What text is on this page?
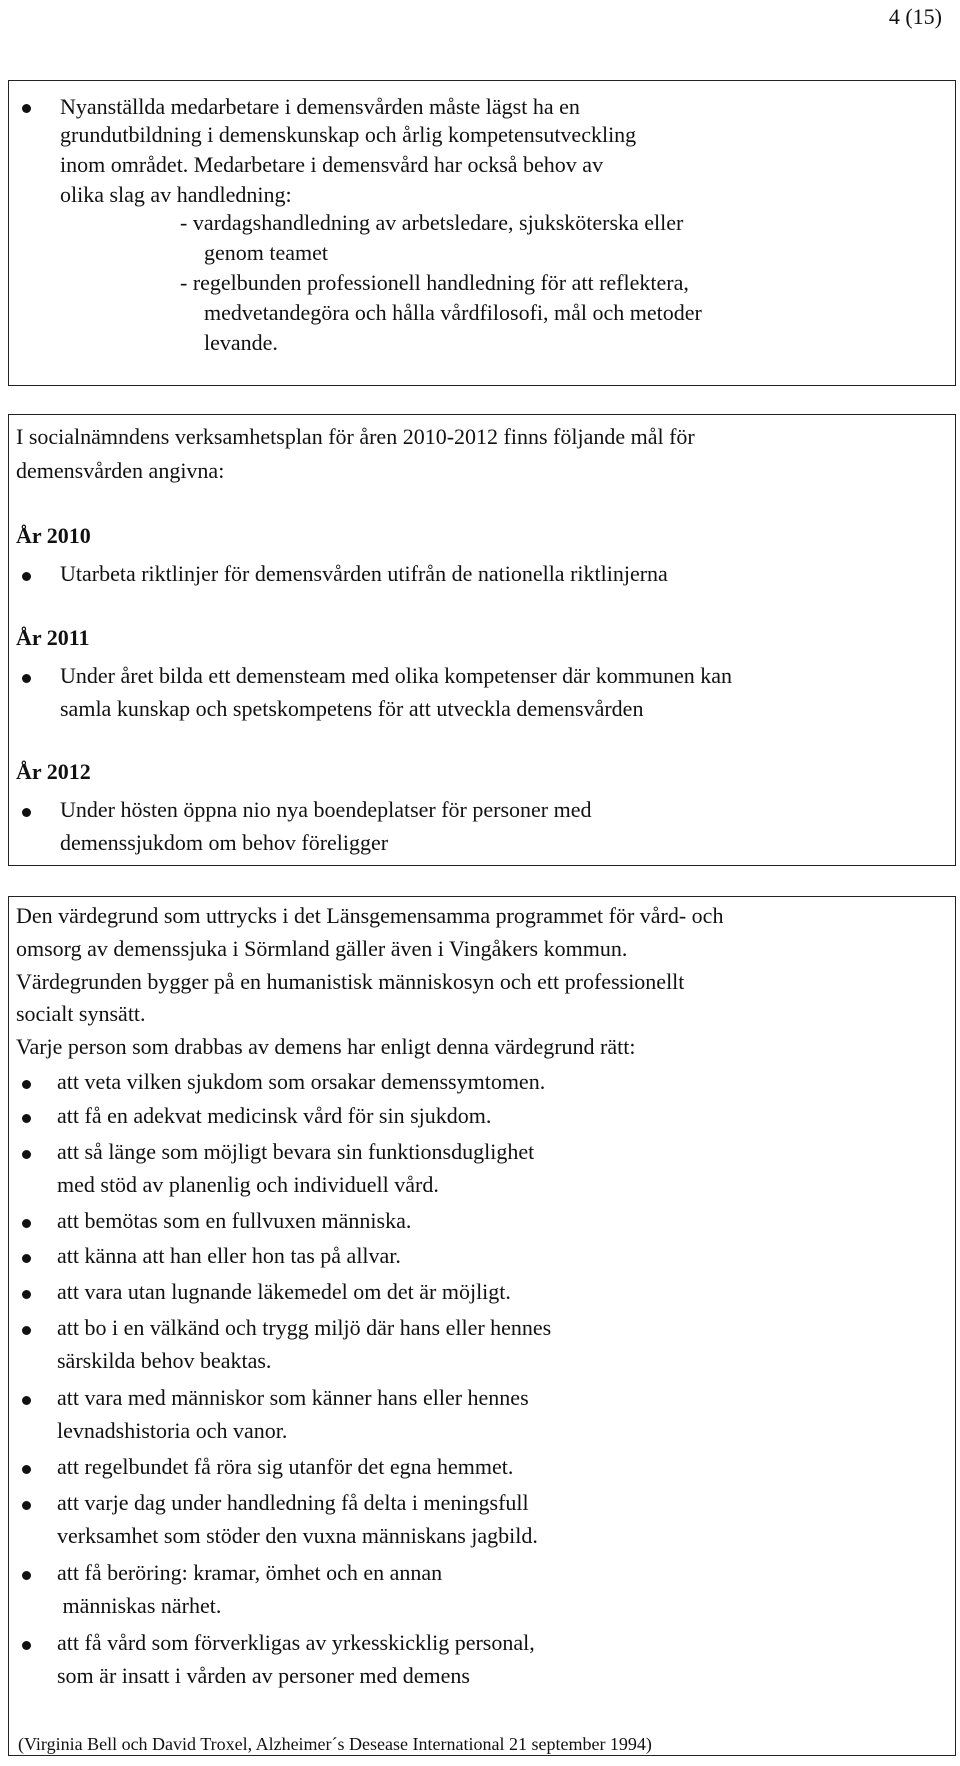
4 (15)
Nyanställda medarbetare i demensvården måste lägst ha en
grundutbildning i demenskunskap och årlig kompetensutveckling
inom området. Medarbetare i demensvård har också behov av
olika slag av handledning:
- vardagshandledning av arbetsledare, sjuksköterska eller
genom teamet
- regelbunden professionell handledning för att reflektera,
medvetandegöra och hålla vårdfilosofi, mål och metoder
levande.
I socialnämndens verksamhetsplan för åren 2010-2012 finns följande mål för
demensvården angivna:
År 2010
Utarbeta riktlinjer för demensvården utifrån de nationella riktlinjerna
År 2011
Under året bilda ett demensteam med olika kompetenser där kommunen kan
samla kunskap och spetskompetens för att utveckla demensvården
År 2012
Under hösten öppna nio nya boendeplatser för personer med
demenssjukdom om behov föreligger
Den värdegrund som uttrycks i det Länsgemensamma programmet för vård- och
omsorg av demenssjuka i Sörmland gäller även i Vingåkers kommun.
Värdegrunden bygger på en humanistisk människosyn och ett professionellt
socialt synsätt.
Varje person som drabbas av demens har enligt denna värdegrund rätt:
att veta vilken sjukdom som orsakar demenssymtomen.
att få en adekvat medicinsk vård för sin sjukdom.
att så länge som möjligt bevara sin funktionsduglighet
med stöd av planenlig och individuell vård.
att bemötas som en fullvuxen människa.
att känna att han eller hon tas på allvar.
att vara utan lugnande läkemedel om det är möjligt.
att bo i en välkänd och trygg miljö där hans eller hennes
särskilda behov beaktas.
att vara med människor som känner hans eller hennes
levnadshistoria och vanor.
att regelbundet få röra sig utanför det egna hemmet.
att varje dag under handledning få delta i meningsfull
verksamhet som stöder den vuxna människans jagbild.
att få beröring: kramar, ömhet och en annan
människas närhet.
att få vård som förverkligas av yrkesskicklig personal,
som är insatt i vården av personer med demens
(Virginia Bell och David Troxel, Alzheimer´s Desease International 21 september 1994)
